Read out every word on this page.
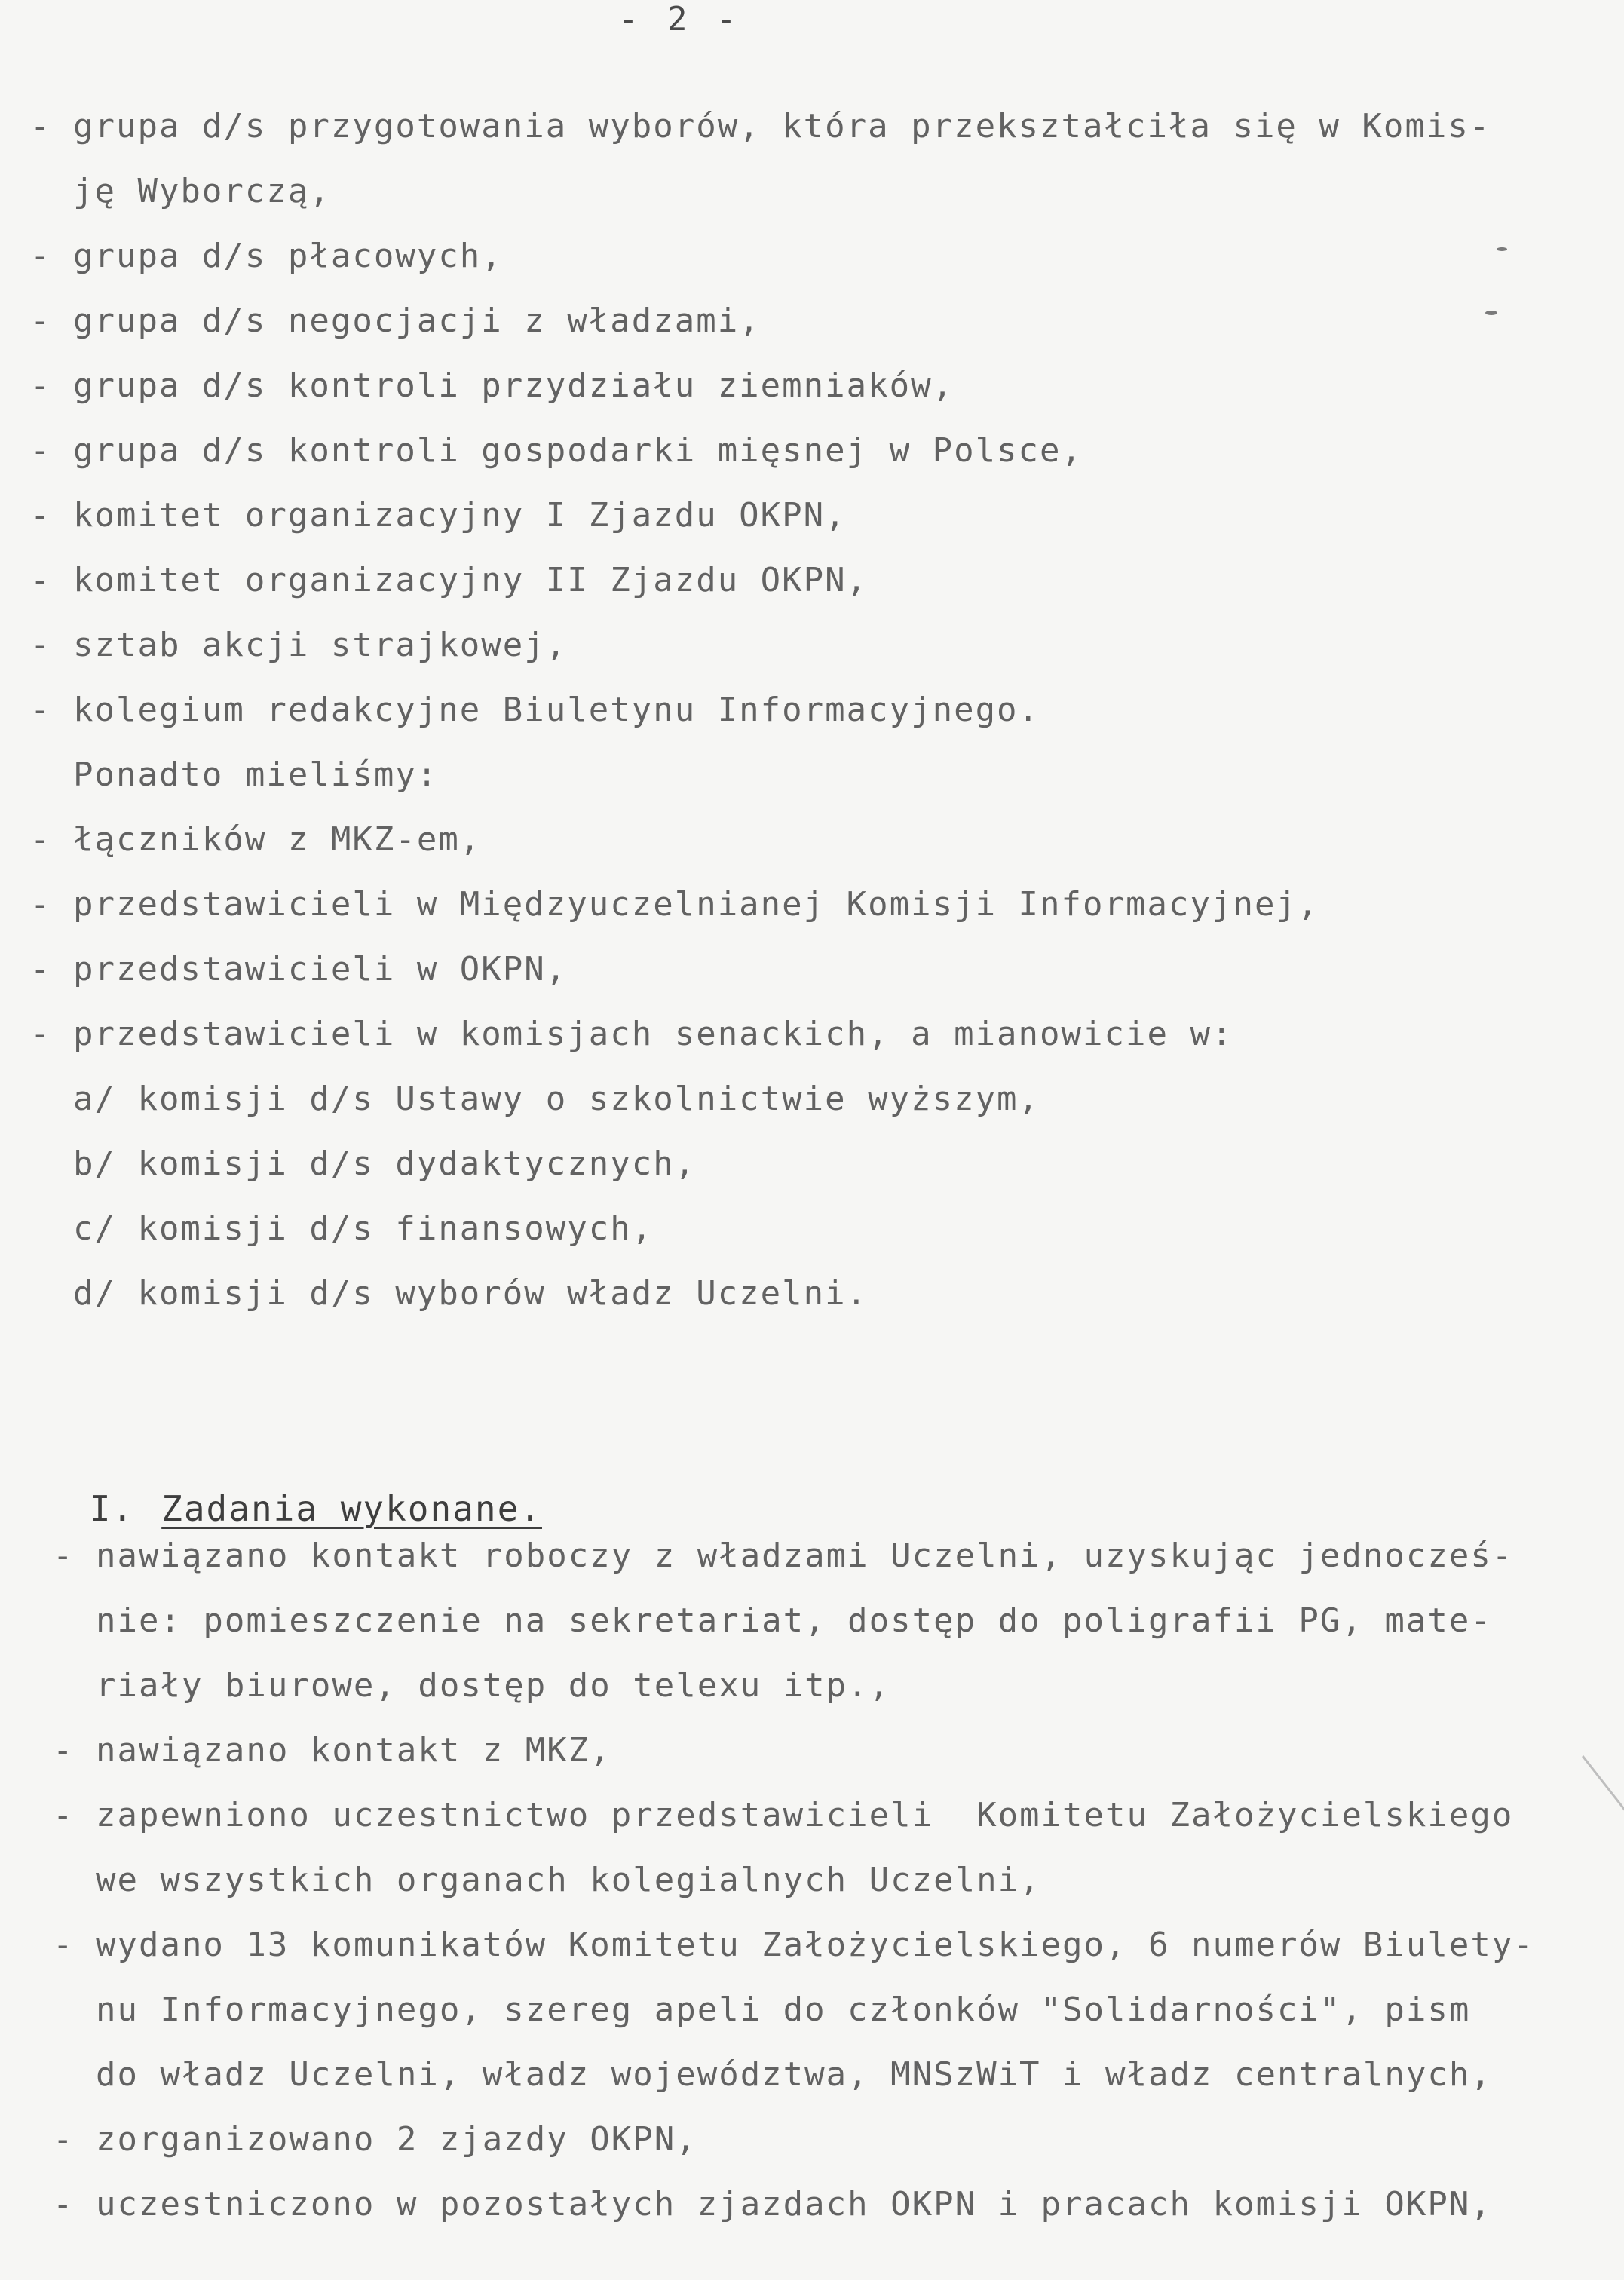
- 2 -
- grupa d/s przygotowania wyborów, która przekształciła się w Komis-
ję Wyborczą,
- grupa d/s płacowych,
- grupa d/s negocjacji z władzami,
- grupa d/s kontroli przydziału ziemniaków,
- grupa d/s kontroli gospodarki mięsnej w Polsce,
- komitet organizacyjny I Zjazdu OKPN,
- komitet organizacyjny II Zjazdu OKPN,
- sztab akcji strajkowej,
- kolegium redakcyjne Biuletynu Informacyjnego.
Ponadto mieliśmy:
- łączników z MKZ-em,
- przedstawicieli w Międzyuczelnianej Komisji Informacyjnej,
- przedstawicieli w OKPN,
- przedstawicieli w komisjach senackich, a mianowicie w:
a/ komisji d/s Ustawy o szkolnictwie wyższym,
b/ komisji d/s dydaktycznych,
c/ komisji d/s finansowych,
d/ komisji d/s wyborów władz Uczelni.
- nawiązano kontakt roboczy z władzami Uczelni, uzyskując jednocześ-
nie: pomieszczenie na sekretariat, dostęp do poligrafii PG, mate-
riały biurowe, dostęp do telexu itp.,
- nawiązano kontakt z MKZ,
- zapewniono uczestnictwo przedstawicieli  Komitetu Założycielskiego
we wszystkich organach kolegialnych Uczelni,
- wydano 13 komunikatów Komitetu Założycielskiego, 6 numerów Biulety-
nu Informacyjnego, szereg apeli do członków "Solidarności", pism
do władz Uczelni, władz województwa, MNSzWiT i władz centralnych,
- zorganizowano 2 zjazdy OKPN,
- uczestniczono w pozostałych zjazdach OKPN i pracach komisji OKPN,

I. Zadania wykonane.
